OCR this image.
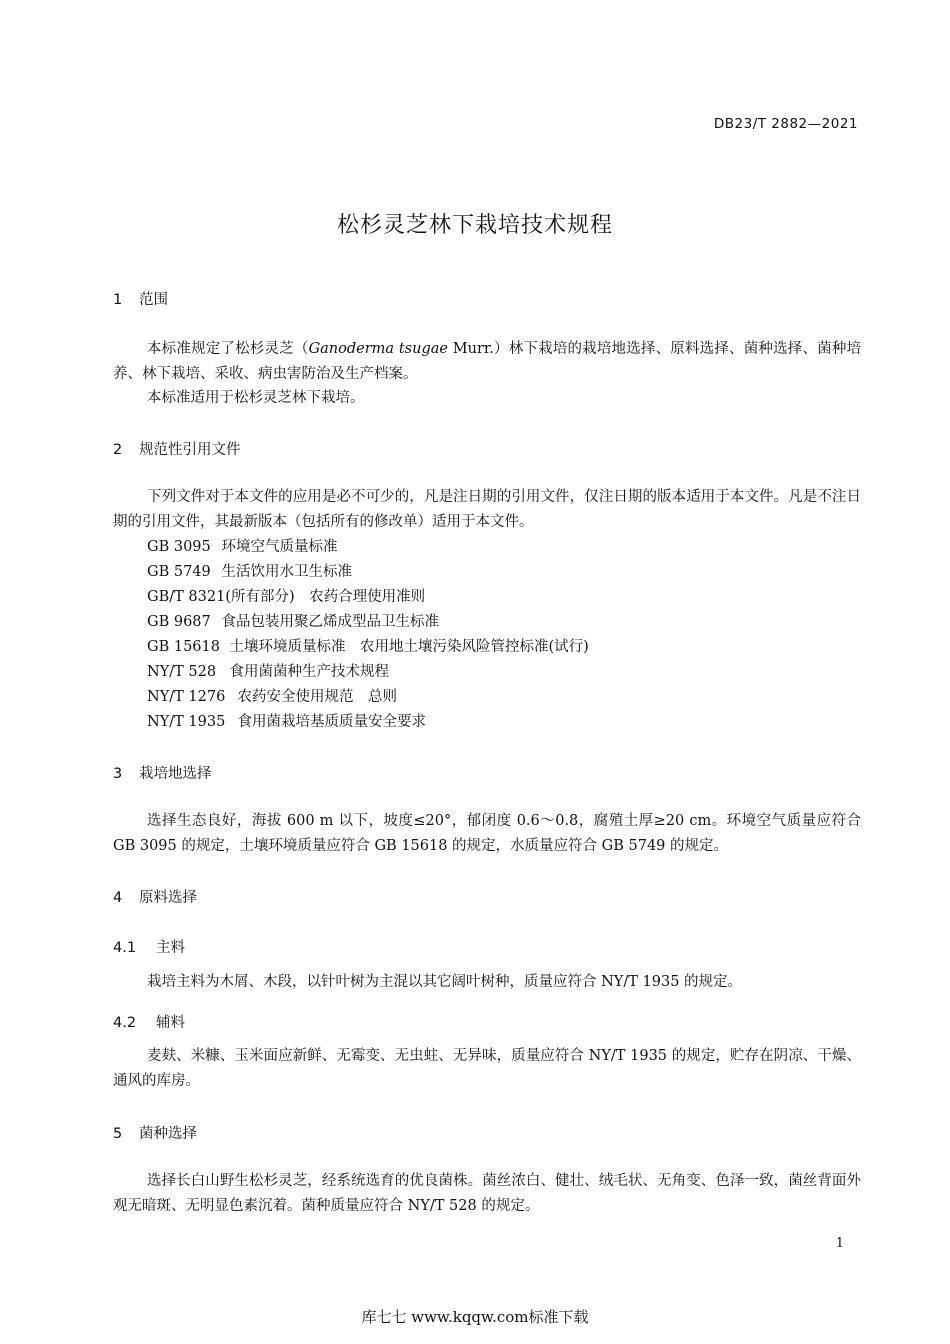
DB23/T 2882—2021
松杉灵芝林下栽培技术规程
1 范围
本标准规定了松杉灵芝（Ganoderma tsugae Murr.）林下栽培的栽培地选择、原料选择、菌种选择、菌种培养、林下栽培、采收、病虫害防治及生产档案。
本标准适用于松杉灵芝林下栽培。
2 规范性引用文件
下列文件对于本文件的应用是必不可少的，凡是注日期的引用文件，仅注日期的版本适用于本文件。凡是不注日期的引用文件，其最新版本（包括所有的修改单）适用于本文件。
GB 3095　 环境空气质量标准
GB 5749　 生活饮用水卫生标准
GB/T 8321(所有部分)　 农药合理使用准则
GB 9687　 食品包装用聚乙烯成型品卫生标准
GB 15618　 土壤环境质量标准　农用地土壤污染风险管控标准(试行)
NY/T 528　 食用菌菌种生产技术规程
NY/T 1276　 农药安全使用规范　总则
NY/T 1935　 食用菌栽培基质质量安全要求
3 栽培地选择
选择生态良好，海拔 600 m 以下，坡度≤20°，郁闭度 0.6～0.8，腐殖土厚≥20 cm。环境空气质量应符合 GB 3095 的规定，土壤环境质量应符合 GB 15618 的规定，水质量应符合 GB 5749 的规定。
4 原料选择
4.1 主料
栽培主料为木屑、木段，以针叶树为主混以其它阔叶树种，质量应符合 NY/T 1935 的规定。
4.2 辅料
麦麸、米糠、玉米面应新鲜、无霉变、无虫蛀、无异味，质量应符合 NY/T 1935 的规定，贮存在阴凉、干燥、通风的库房。
5 菌种选择
选择长白山野生松杉灵芝，经系统选育的优良菌株。菌丝浓白、健壮、绒毛状、无角变、色泽一致，菌丝背面外观无暗斑、无明显色素沉着。菌种质量应符合 NY/T 528 的规定。
1
库七七 www.kqqw.com标准下载
